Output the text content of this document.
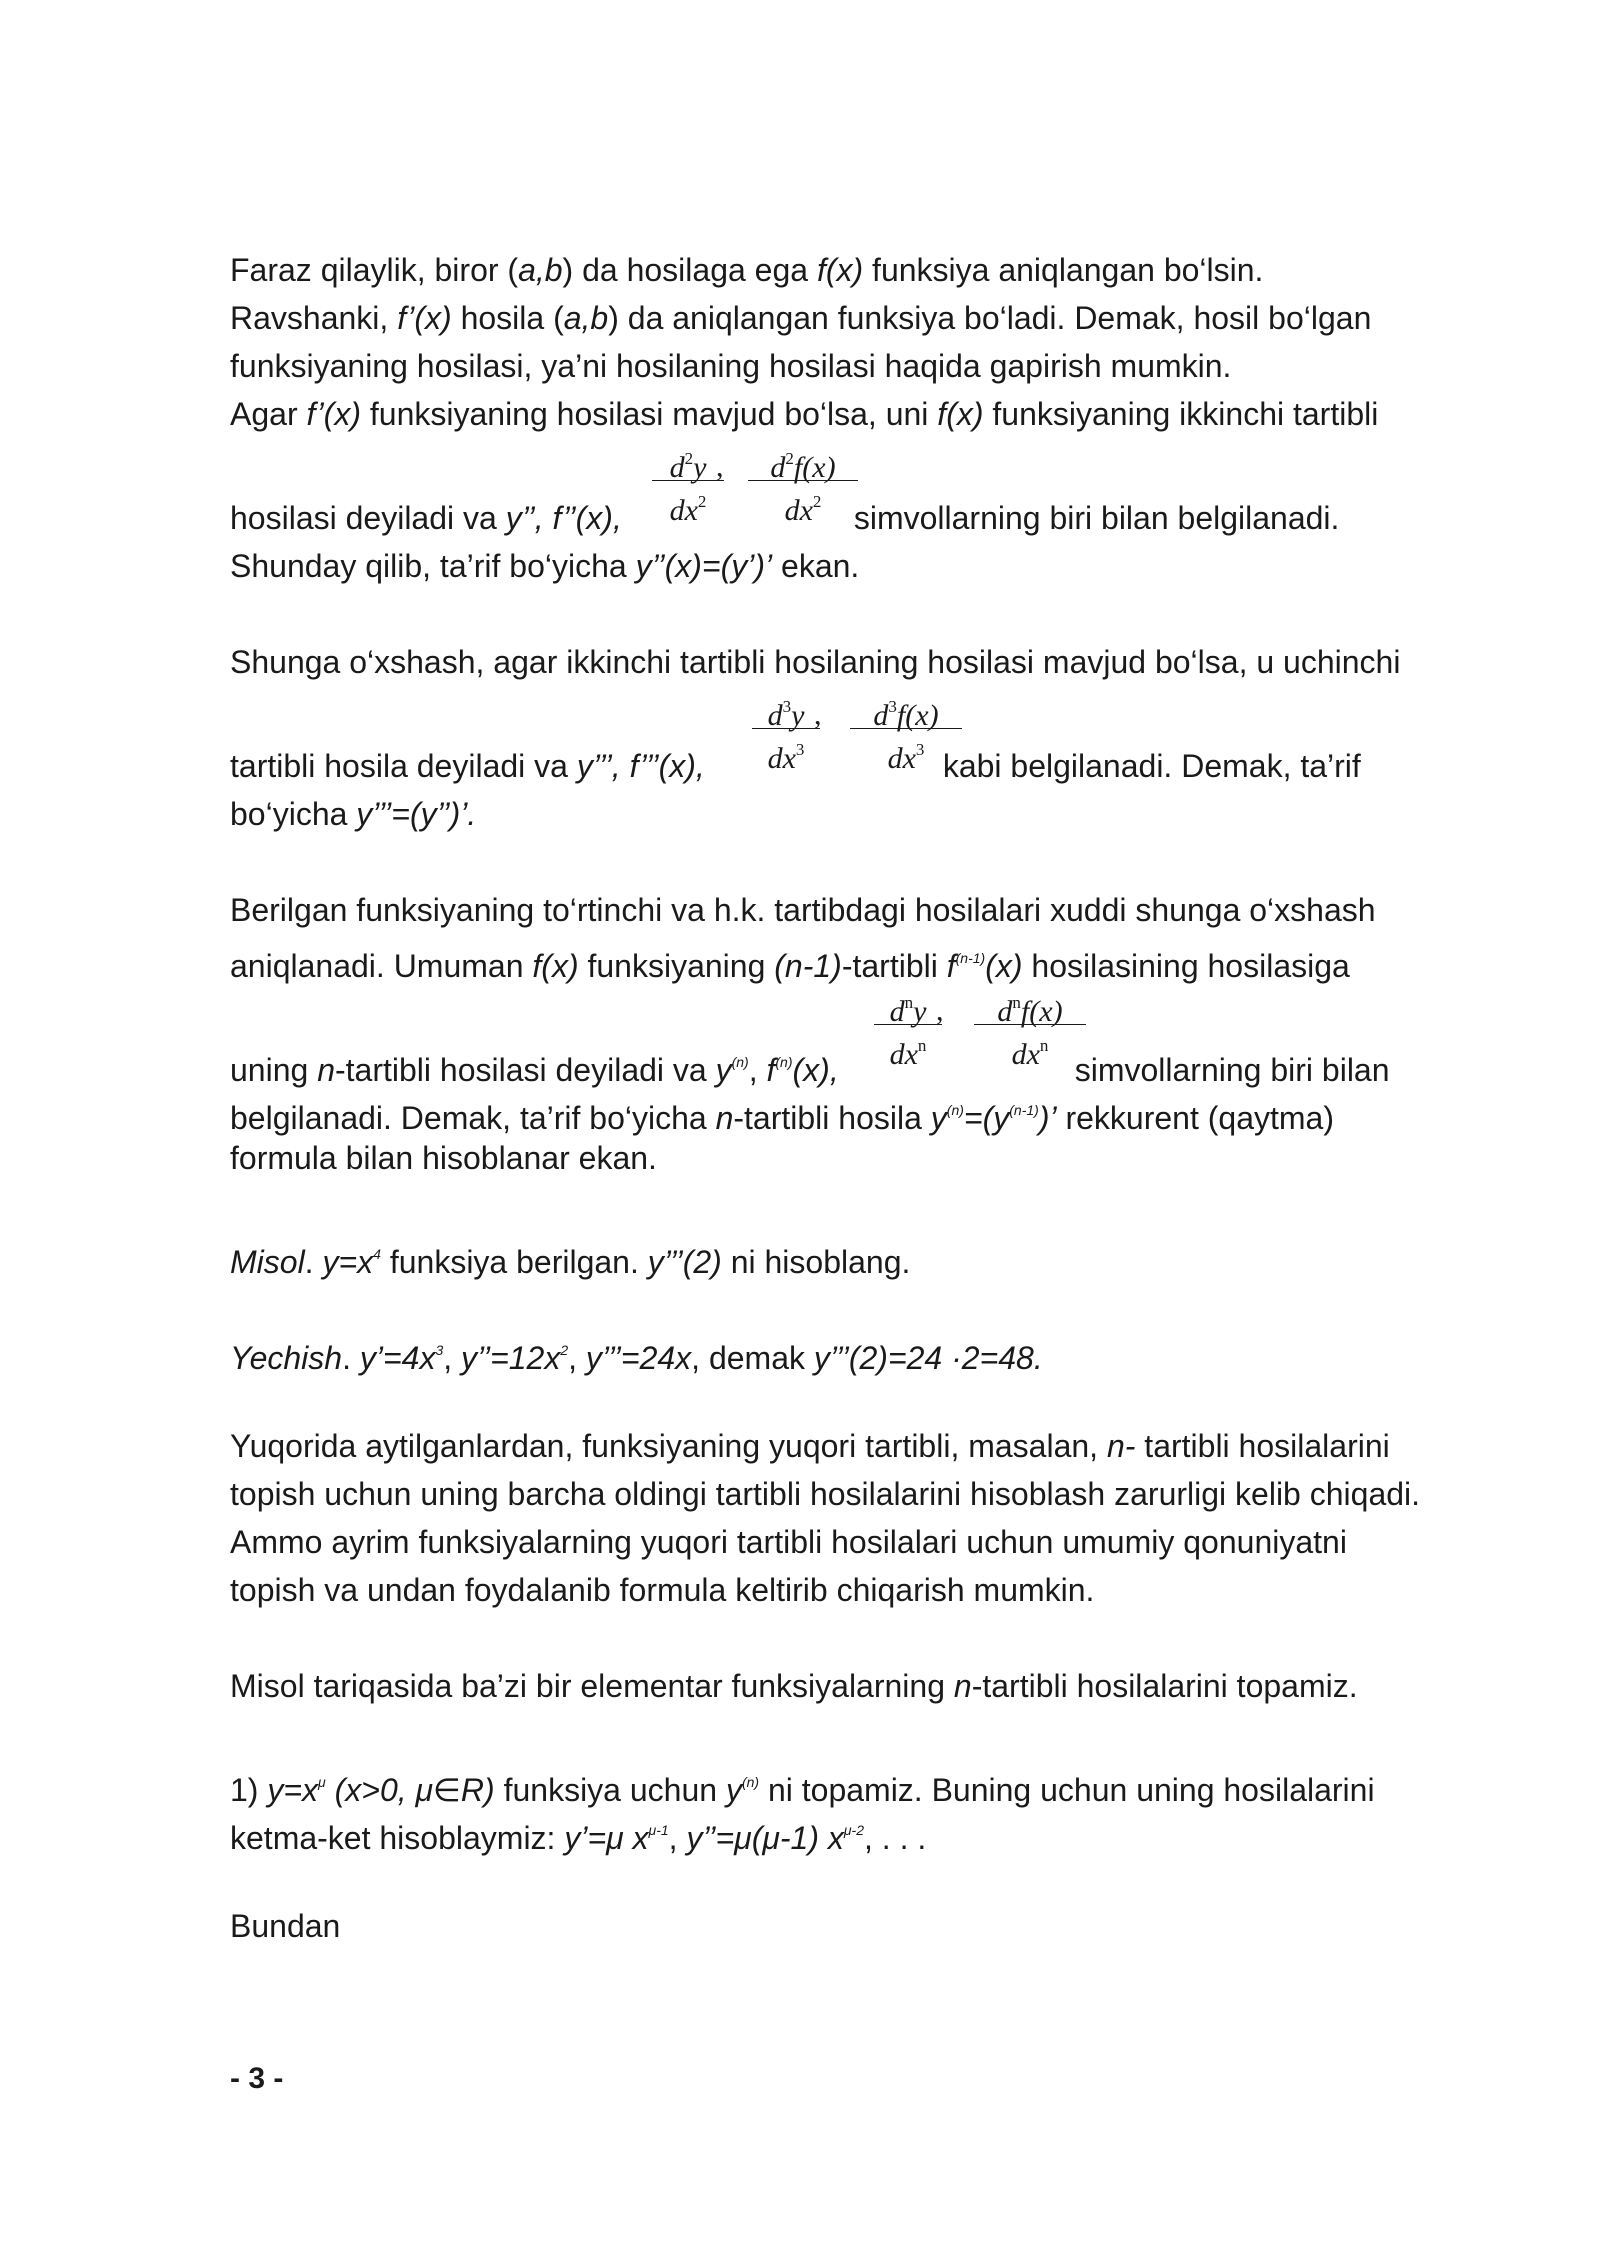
Faraz qilaylik, biror (a,b) da hosilaga ega f(x) funksiya aniqlangan bo‘lsin.
Ravshanki, f’(x) hosila (a,b) da aniqlangan funksiya bo‘ladi. Demak, hosil bo‘lgan
funksiyaning hosilasi, ya’ni hosilaning hosilasi haqida gapirish mumkin.
Agar f’(x) funksiyaning hosilasi mavjud bo‘lsa, uni f(x) funksiyaning ikkinchi tartibli
$d^2y$
$dx^2$
,	$d^2f(x)$
$dx^2$
hosilasi deyiladi va y’’, f’’(x),	simvollarning biri bilan belgilanadi.
Shunday qilib, ta’rif bo‘yicha y’’(x)=(y’)’ ekan.
Shunga o‘xshash, agar ikkinchi tartibli hosilaning hosilasi mavjud bo‘lsa, u uchinchi
$d^3y$
$dx^3$
,	$d^3f(x)$
$dx^3$
tartibli hosila deyiladi va y’’’, f’’’(x),	kabi belgilanadi. Demak, ta’rif
bo‘yicha y’’’=(y’’)’.
Berilgan funksiyaning to‘rtinchi va h.k. tartibdagi hosilalari xuddi shunga o‘xshash
aniqlanadi. Umuman f(x) funksiyaning (n-1)-tartibli $f^{(n-1)}(x)$ hosilasining hosilasiga
$d^ny$
$dx^n$
,	$d^nf(x)$
$dx^n$
uning n-tartibli hosilasi deyiladi va $y^{(n)}$, $f^{(n)}(x)$,	simvollarning biri bilan
belgilanadi. Demak, ta’rif bo‘yicha n-tartibli hosila $y^{(n)}=(y^{(n-1)})$’ rekkurent (qaytma)
formula bilan hisoblanar ekan.
Misol. $y=x^4$ funksiya berilgan. y’’’(2) ni hisoblang.
Yechish. $y’=4x^3$, $y’’=12x^2$, y’’’=24x, demak y’’’(2)=24 ·2=48.
Yuqorida aytilganlardan, funksiyaning yuqori tartibli, masalan, n- tartibli hosilalarini
topish uchun uning barcha oldingi tartibli hosilalarini hisoblash zarurligi kelib chiqadi.
Ammo ayrim funksiyalarning yuqori tartibli hosilalari uchun umumiy qonuniyatni
topish va undan foydalanib formula keltirib chiqarish mumkin.
Misol tariqasida ba’zi bir elementar funksiyalarning n-tartibli hosilalarini topamiz.
1) $y=x^\mu$ (x>0, μ∈R) funksiya uchun $y^{(n)}$ ni topamiz. Buning uchun uning hosilalarini
ketma-ket hisoblaymiz: y’=μ $x^{\mu-1}$, y’’=μ(μ-1) $x^{\mu-2}$, . . .
Bundan
- 3 -
